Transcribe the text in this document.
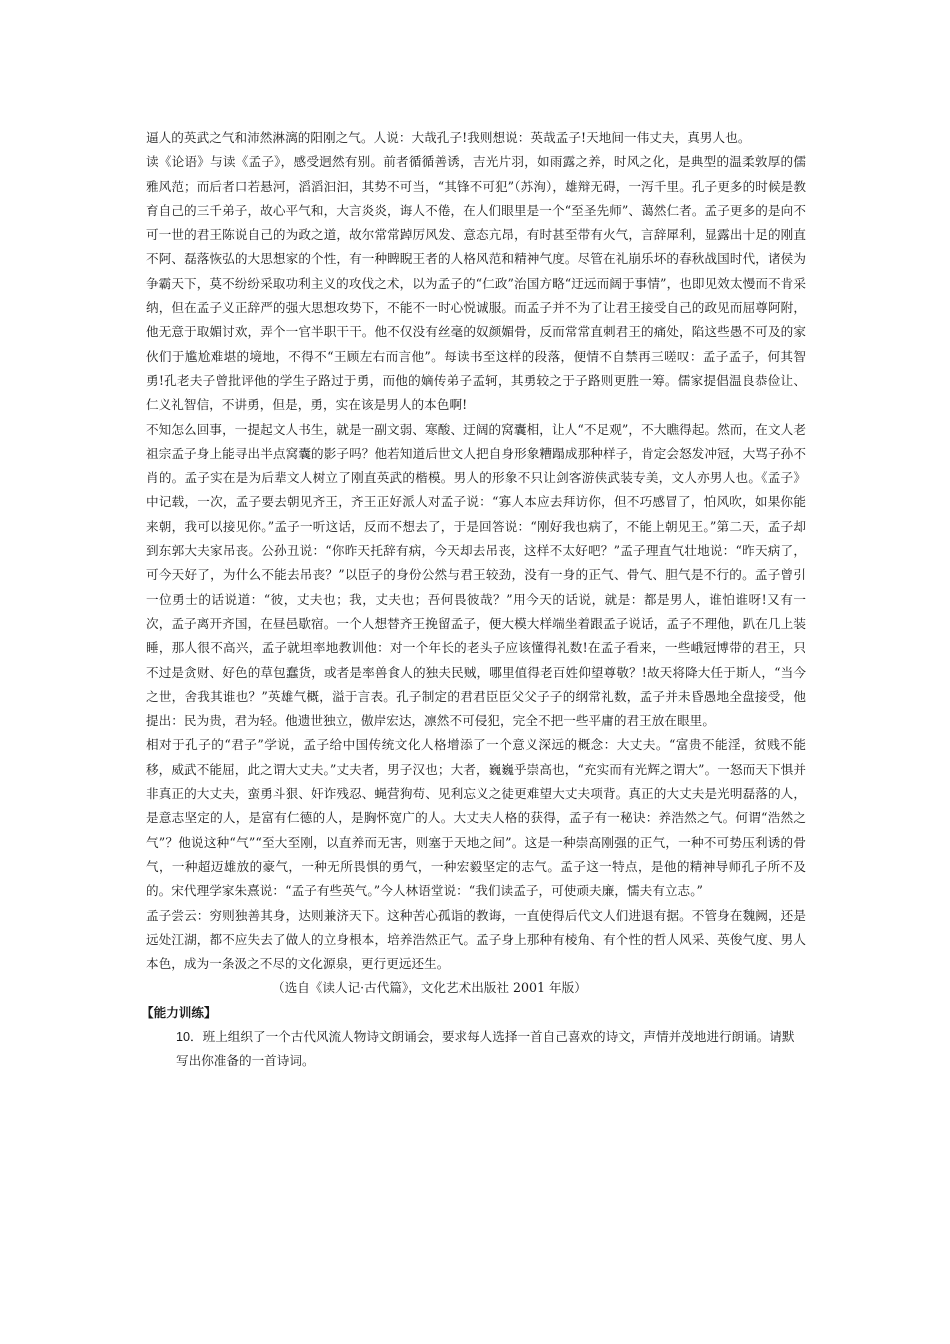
逼人的英武之气和沛然淋漓的阳刚之气。人说：大哉孔子!我则想说：英哉孟子!天地间一伟丈夫，真男人也。

读《论语》与读《孟子》，感受迥然有别。前者循循善诱，吉光片羽，如雨露之养，时风之化，是典型的温柔敦厚的儒雅风范；而后者口若悬河，滔滔汩汩，其势不可当，“其锋不可犯”（苏洵），雄辩无碍，一泻千里。孔子更多的时候是教育自己的三千弟子，故心平气和，大言炎炎，诲人不倦，在人们眼里是一个“至圣先师”、蔼然仁者。孟子更多的是向不可一世的君王陈说自己的为政之道，故尔常常踔厉风发、意态亢昂，有时甚至带有火气，言辞犀利，显露出十足的刚直不阿、磊落恢弘的大思想家的个性，有一种睥睨王者的人格风范和精神气度。尽管在礼崩乐坏的春秋战国时代，诸侯为争霸天下，莫不纷纷采取功利主义的攻伐之术，以为孟子的“仁政”治国方略“迂远而阔于事情”，也即见效太慢而不肯采纳，但在孟子义正辞严的强大思想攻势下，不能不一时心悦诚服。而孟子并不为了让君王接受自己的政见而屈尊阿附，他无意于取媚讨欢，弄个一官半职干干。他不仅没有丝毫的奴颜媚骨，反而常常直刺君王的痛处，陷这些愚不可及的家伙们于尴尬难堪的境地，不得不“王顾左右而言他”。每读书至这样的段落，便情不自禁再三嗟叹：孟子孟子，何其智勇!孔老夫子曾批评他的学生子路过于勇，而他的嫡传弟子孟轲，其勇较之于子路则更胜一筹。儒家提倡温良恭俭让、仁义礼智信，不讲勇，但是，勇，实在该是男人的本色啊!

不知怎么回事，一提起文人书生，就是一副文弱、寒酸、迂阔的窝囊相，让人“不足观”，不大瞧得起。然而，在文人老祖宗孟子身上能寻出半点窝囊的影子吗？他若知道后世文人把自身形象糟蹋成那种样子，肯定会怒发冲冠，大骂子孙不肖的。孟子实在是为后辈文人树立了刚直英武的楷模。男人的形象不只让剑客游侠武装专美，文人亦男人也。《孟子》中记载，一次，孟子要去朝见齐王，齐王正好派人对孟子说：“寡人本应去拜访你，但不巧感冒了，怕风吹，如果你能来朝，我可以接见你。”孟子一听这话，反而不想去了，于是回答说：“刚好我也病了，不能上朝见王。”第二天，孟子却到东郭大夫家吊丧。公孙丑说：“你昨天托辞有病，今天却去吊丧，这样不太好吧？”孟子理直气壮地说：“昨天病了，可今天好了，为什么不能去吊丧？”以臣子的身份公然与君王较劲，没有一身的正气、骨气、胆气是不行的。孟子曾引一位勇士的话说道：“彼，丈夫也；我，丈夫也；吾何畏彼哉？”用今天的话说，就是：都是男人，谁怕谁呀!又有一次，孟子离开齐国，在昼邑歇宿。一个人想替齐王挽留孟子，便大模大样端坐着跟孟子说话，孟子不理他，趴在几上装睡，那人很不高兴，孟子就坦率地教训他：对一个年长的老头子应该懂得礼数!在孟子看来，一些峨冠博带的君王，只不过是贪财、好色的草包蠢货，或者是率兽食人的独夫民贼，哪里值得老百姓仰望尊敬？!故天将降大任于斯人，“当今之世，舍我其谁也？”英雄气概，溢于言表。孔子制定的君君臣臣父父子子的纲常礼数，孟子并未昏愚地全盘接受，他提出：民为贵，君为轻。他遗世独立，傲岸宏达，凛然不可侵犯，完全不把一些平庸的君王放在眼里。

相对于孔子的“君子”学说，孟子给中国传统文化人格增添了一个意义深远的概念：大丈夫。“富贵不能淫，贫贱不能移，威武不能屈，此之谓大丈夫。”丈夫者，男子汉也；大者，巍巍乎崇高也，“充实而有光辉之谓大”。一怒而天下惧并非真正的大丈夫，蛮勇斗狠、奸诈残忍、蝇营狗苟、见利忘义之徒更难望大丈夫项背。真正的大丈夫是光明磊落的人，是意志坚定的人，是富有仁德的人，是胸怀宽广的人。大丈夫人格的获得，孟子有一秘诀：养浩然之气。何谓“浩然之气”？他说这种“气”“至大至刚，以直养而无害，则塞于天地之间”。这是一种崇高刚强的正气，一种不可势压利诱的骨气，一种超迈雄放的豪气，一种无所畏惧的勇气，一种宏毅坚定的志气。孟子这一特点，是他的精神导师孔子所不及的。宋代理学家朱熹说：“孟子有些英气。”今人林语堂说：“我们读孟子，可使顽夫廉，懦夫有立志。”

孟子尝云：穷则独善其身，达则兼济天下。这种苦心孤诣的教诲，一直使得后代文人们进退有据。不管身在魏阙，还是远处江湖，都不应失去了做人的立身根本，培养浩然正气。孟子身上那种有棱角、有个性的哲人风采、英俊气度、男人本色，成为一条汲之不尽的文化源泉，更行更远还生。

（选自《读人记·古代篇》，文化艺术出版社 2001 年版）

【能力训练】

10．班上组织了一个古代风流人物诗文朗诵会，要求每人选择一首自己喜欢的诗文，声情并茂地进行朗诵。请默写出你准备的一首诗词。
